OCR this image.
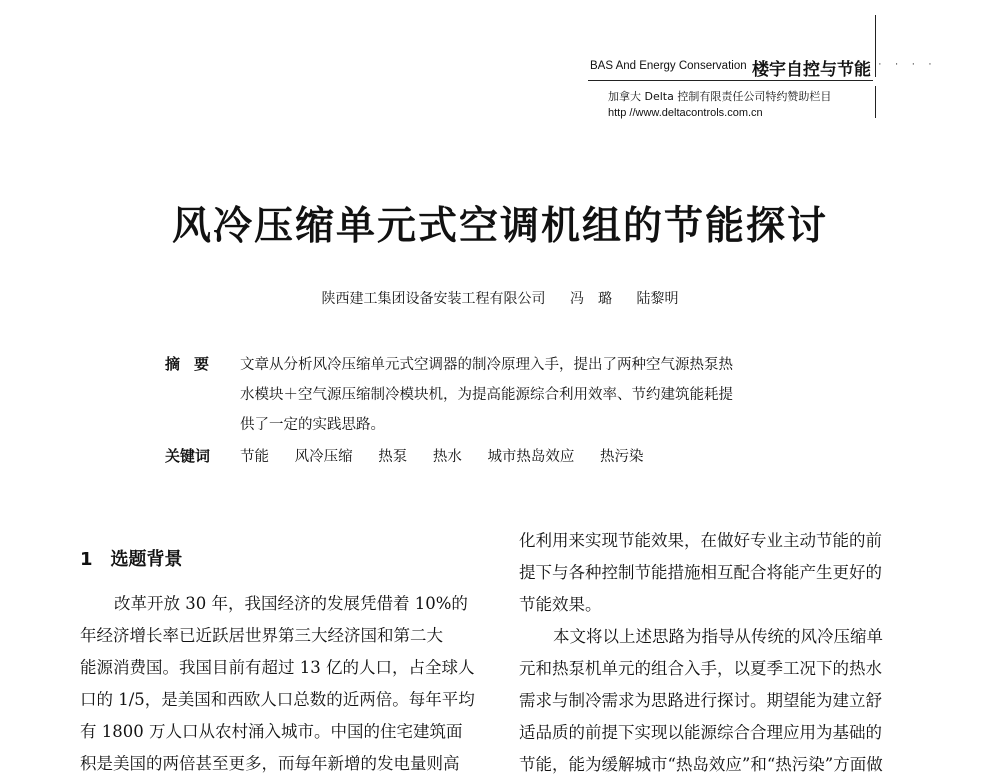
BAS And Energy Conservation 楼宇自控与节能 · · · ·
加拿大 Delta 控制有限责任公司特约赞助栏目
http //www.deltacontrols.com.cn
风冷压缩单元式空调机组的节能探讨
陕西建工集团设备安装工程有限公司 冯　璐 陆黎明
摘要 文章从分析风冷压缩单元式空调器的制冷原理入手，提出了两种空气源热泵热
水模块＋空气源压缩制冷模块机，为提高能源综合利用效率、节约建筑能耗提
供了一定的实践思路。
关键词 节能 风冷压缩 热泵 热水 城市热岛效应 热污染
1　选题背景
改革开放 30 年，我国经济的发展凭借着 10%的
年经济增长率已近跃居世界第三大经济国和第二大
能源消费国。我国目前有超过 13 亿的人口，占全球人
口的 1/5，是美国和西欧人口总数的近两倍。每年平均
有 1800 万人口从农村涌入城市。中国的住宅建筑面
积是美国的两倍甚至更多，而每年新增的发电量则高
化利用来实现节能效果，在做好专业主动节能的前
提下与各种控制节能措施相互配合将能产生更好的
节能效果。
本文将以上述思路为指导从传统的风冷压缩单
元和热泵机单元的组合入手，以夏季工况下的热水
需求与制冷需求为思路进行探讨。期望能为建立舒
适品质的前提下实现以能源综合合理应用为基础的
节能，能为缓解城市“热岛效应”和“热污染”方面做
